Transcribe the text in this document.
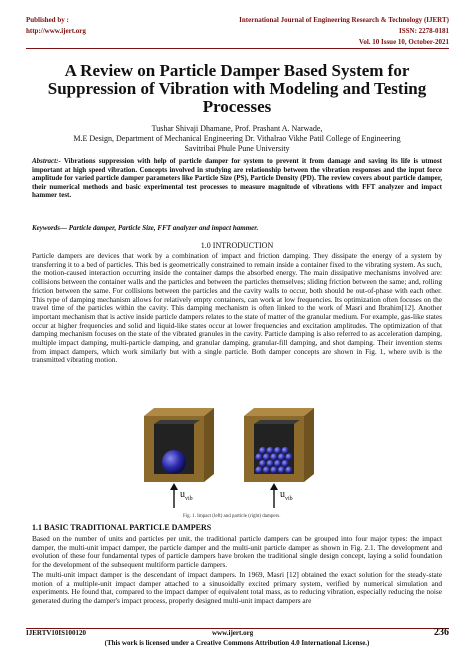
Published by :
http://www.ijert.org
International Journal of Engineering Research & Technology (IJERT)
ISSN: 2278-0181
Vol. 10 Issue 10, October-2021
A Review on Particle Damper Based System for Suppression of Vibration with Modeling and Testing Processes
Tushar Shivaji Dhamane, Prof. Prashant A. Narwade,
M.E Design, Department of Mechanical Engineering Dr. Vithalrao Vikhe Patil College of Engineering
Savitribai Phule Pune University
Abstract:- Vibrations suppression with help of particle damper for system to prevent it from damage and saving its life is utmost important at high speed vibration. Concepts involved in studying are relationship between the vibration responses and the input force amplitude for varied particle damper parameters like Particle Size (PS), Particle Density (PD). The review covers about particle damper, their numerical methods and basic experimental test processes to measure magnitude of vibrations with FFT analyzer and impact hammer test.
Keywords— Particle damper, Particle Size, FFT analyzer and impact hammer.
1.0 INTRODUCTION
Particle dampers are devices that work by a combination of impact and friction damping. They dissipate the energy of a system by transferring it to a bed of particles. This bed is geometrically constrained to remain inside a container fixed to the vibrating system. As such, the motion-caused interaction occurring inside the container damps the absorbed energy. The main dissipative mechanisms involved are: collisions between the container walls and the particles and between the particles themselves; sliding friction between the same; and, rolling friction between the same. For collisions between the particles and the cavity walls to occur, both should be out-of-phase with each other. This type of damping mechanism allows for relatively empty containers, can work at low frequencies. Its optimization often focuses on the travel time of the particles within the cavity. This damping mechanism is often linked to the work of Masri and Ibrahim[12]. Another important mechanism that is active inside particle dampers relates to the state of matter of the granular medium. For example, gas-like states occur at higher frequencies and solid and liquid-like states occur at lower frequencies and excitation amplitudes. The optimization of that damping mechanism focuses on the state of the vibrated granules in the cavity. Particle damping is also referred to as acceleration damping, multiple impact damping, multi-particle damping, and granular damping, granular-fill damping, and shot damping. Their invention stems from impact dampers, which work similarly but with a single particle. Both damper concepts are shown in Fig. 1, where uvib is the transmitted vibrating motion.
$u_{vib}$	$u_{vib}$
Fig. 1. Impact (left) and particle (right) dampers.
1.1 BASIC TRADITIONAL PARTICLE DAMPERS
Based on the number of units and particles per unit, the traditional particle dampers can be grouped into four major types: the impact damper, the multi-unit impact damper, the particle damper and the multi-unit particle damper as shown in Fig. 2.1. The development and evolution of these four fundamental types of particle dampers have broken the traditional single design concept, laying a solid foundation for the development of the subsequent multiform particle dampers.
The multi-unit impact damper is the descendant of impact dampers. In 1969, Masri [12] obtained the exact solution for the steady-state motion of a multiple-unit impact damper attached to a sinusoidally excited primary system, verified by numerical simulation and experiments. He found that, compared to the impact damper of equivalent total mass, as to reducing vibration, especially reducing the noise generated during the damper's impact process, properly designed multi-unit impact dampers are
IJERTV10IS100120	www.ijert.org	236
(This work is licensed under a Creative Commons Attribution 4.0 International License.)
